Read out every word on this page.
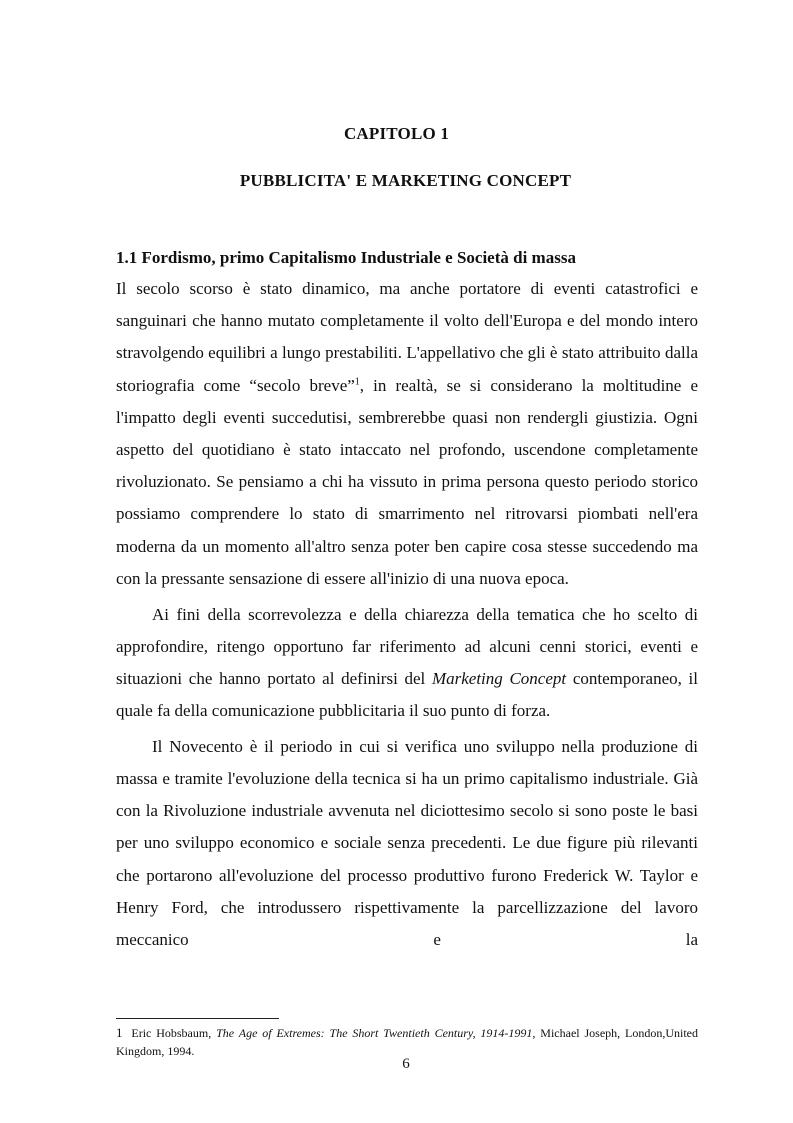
CAPITOLO 1
PUBBLICITA' E MARKETING CONCEPT
1.1 Fordismo, primo Capitalismo Industriale e Società di massa

Il secolo scorso è stato dinamico, ma anche portatore di eventi catastrofici e sanguinari che hanno mutato completamente il volto dell'Europa e del mondo intero stravolgendo equilibri a lungo prestabiliti. L'appellativo che gli è stato attribuito dalla storiografia come “secolo breve”$^1$, in realtà, se si considerano la moltitudine e l'impatto degli eventi succedutisi, sembrerebbe quasi non rendergli giustizia. Ogni aspetto del quotidiano è stato intaccato nel profondo, uscendone completamente rivoluzionato. Se pensiamo a chi ha vissuto in prima persona questo periodo storico possiamo comprendere lo stato di smarrimento nel ritrovarsi piombati nell'era moderna da un momento all'altro senza poter ben capire cosa stesse succedendo ma con la pressante sensazione di essere all'inizio di una nuova epoca.

Ai fini della scorrevolezza e della chiarezza della tematica che ho scelto di approfondire, ritengo opportuno far riferimento ad alcuni cenni storici, eventi e situazioni che hanno portato al definirsi del Marketing Concept contemporaneo, il quale fa della comunicazione pubblicitaria il suo punto di forza.

Il Novecento è il periodo in cui si verifica uno sviluppo nella produzione di massa e tramite l'evoluzione della tecnica si ha un primo capitalismo industriale. Già con la Rivoluzione industriale avvenuta nel diciottesimo secolo si sono poste le basi per uno sviluppo economico e sociale senza precedenti. Le due figure più rilevanti che portarono all'evoluzione del processo produttivo furono Frederick W. Taylor e Henry Ford, che introdussero rispettivamente la parcellizzazione del lavoro meccanico e la

1 Eric Hobsbaum, The Age of Extremes: The Short Twentieth Century, 1914-1991, Michael Joseph, London,United Kingdom, 1994.
6
